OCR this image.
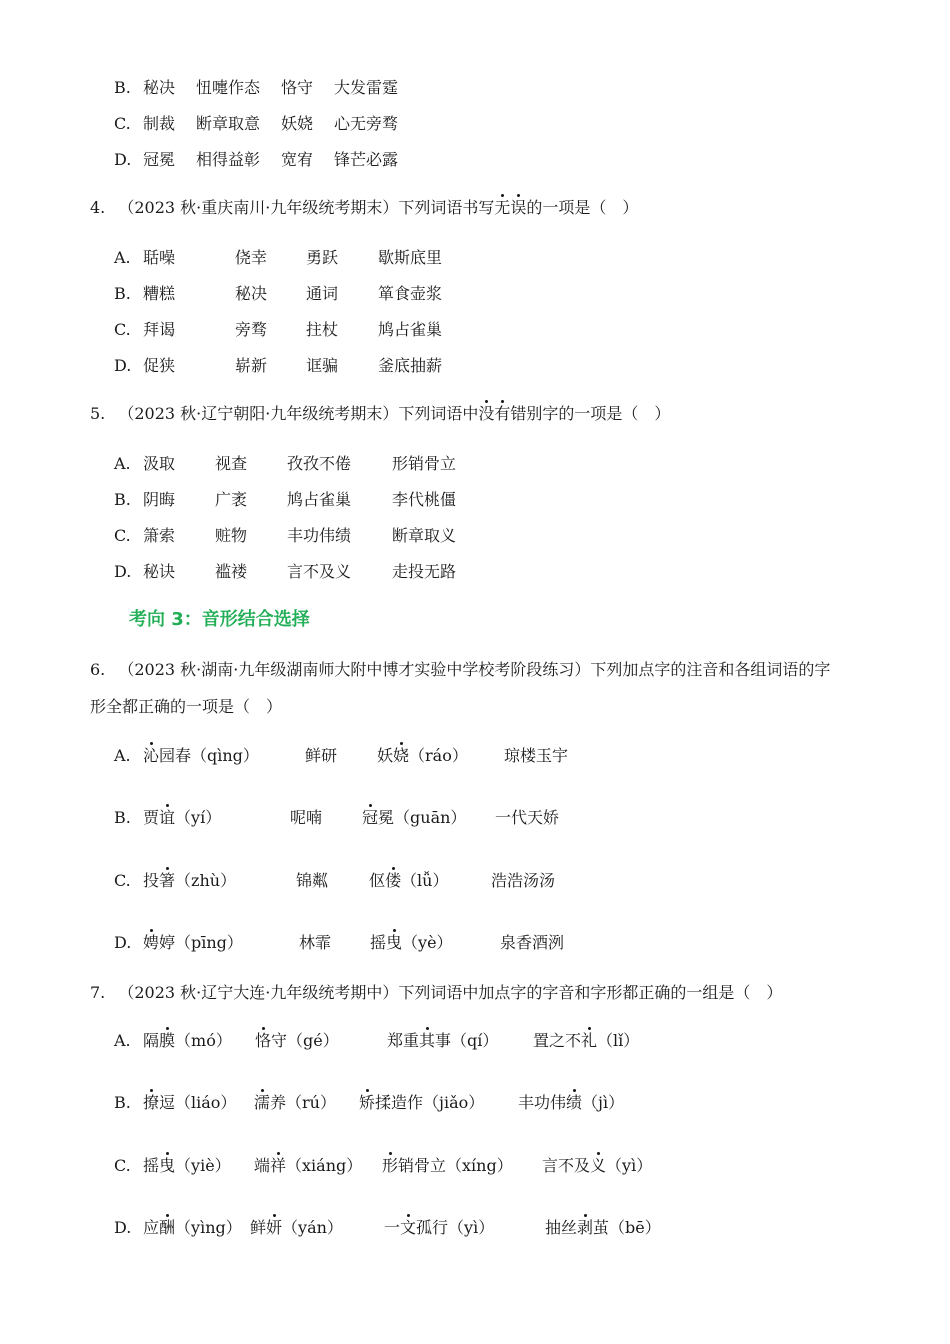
B. 秘决 忸嚏作态 恪守 大发雷霆
C. 制裁 断章取意 妖娆 心无旁骛
D. 冠冕 相得益彰 宽宥 锋芒必露
4. （2023 秋·重庆南川·九年级统考期末）下列词语书写无误的一项是（　）
A. 聒噪	侥幸 勇跃 歇斯底里
B. 糟糕	秘决 通词 箪食壶浆
C. 拜谒	旁骛 拄杖 鸠占雀巢
D. 促狭	崭新 诓骗 釜底抽薪
5. （2023 秋·辽宁朝阳·九年级统考期末）下列词语中没有错别字的一项是（　）
A. 汲取 视查 孜孜不倦	形销骨立
B. 阴晦 广袤 鸠占雀巢	李代桃僵
C. 箫索 赃物 丰功伟绩	断章取义
D. 秘诀 褴褛 言不及义	走投无路
考向 3：音形结合选择
6. （2023 秋·湖南·九年级湖南师大附中博才实验中学校考阶段练习）下列加点字的注音和各组词语的字
形全都正确的一项是（　）
A. 沁园春（qìng）	鲜研 妖娆（ráo） 琼楼玉宇
B. 贾谊（yí）	呢喃 冠冕（guān） 一代天娇
C. 投箸（zhù）	锦粼	伛偻（lǚ）	浩浩汤汤
D. 娉婷（pīng）	林霏 摇曳（yè）	泉香酒洌
7. （2023 秋·辽宁大连·九年级统考期中）下列词语中加点字的字音和字形都正确的一组是（　）
A. 隔膜（mó） 恪守（gé）	郑重其事（qí） 置之不礼（lǐ）
B. 撩逗（liáo） 濡养（rú） 矫揉造作（jiǎo） 丰功伟绩（jì）
C. 摇曳（yiè） 端祥（xiáng） 形销骨立（xíng） 言不及义（yì）
D. 应酬（yìng） 鲜妍（yán）	一文孤行（yì）	抽丝剥茧（bē）
